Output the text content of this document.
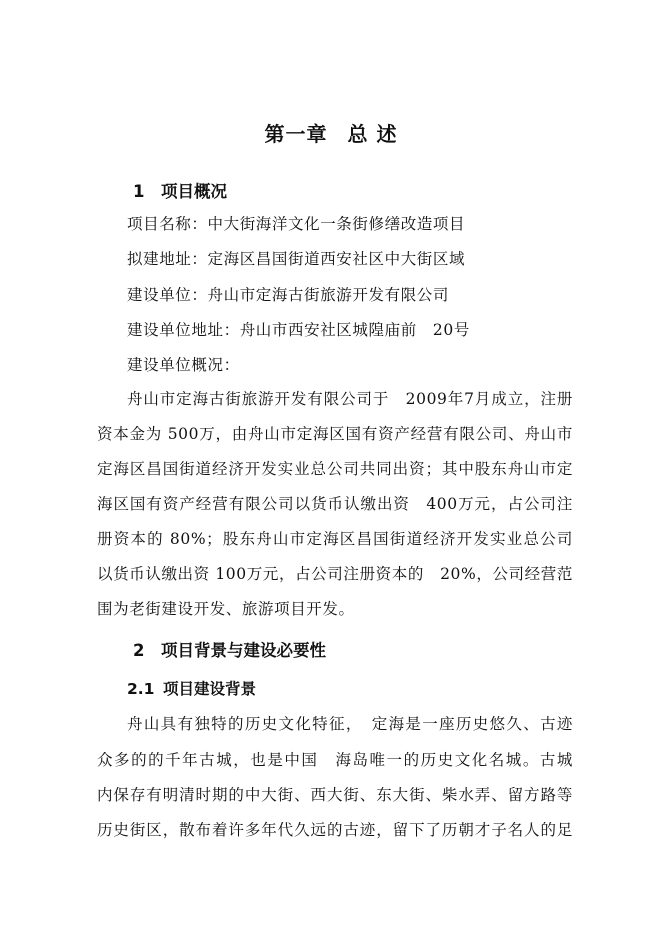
第一章 总 述
1 项目概况
项目名称：中大街海洋文化一条街修缮改造项目
拟建地址：定海区昌国街道西安社区中大街区域
建设单位：舟山市定海古街旅游开发有限公司
建设单位地址：舟山市西安社区城隍庙前　20号
建设单位概况：
舟山市定海古街旅游开发有限公司于　2009年7月成立，注册
资本金为 500万，由舟山市定海区国有资产经营有限公司、舟山市
定海区昌国街道经济开发实业总公司共同出资；其中股东舟山市定
海区国有资产经营有限公司以货币认缴出资　400万元，占公司注
册资本的 80%；股东舟山市定海区昌国街道经济开发实业总公司
以货币认缴出资 100万元，占公司注册资本的　20%，公司经营范
围为老街建设开发、旅游项目开发。
2 项目背景与建设必要性
2.1 项目建设背景
舟山具有独特的历史文化特征，　定海是一座历史悠久、古迹
众多的的千年古城，也是中国　海岛唯一的历史文化名城。古城
内保存有明清时期的中大街、西大街、东大街、柴水弄、留方路等
历史街区，散布着许多年代久远的古迹，留下了历朝才子名人的足
